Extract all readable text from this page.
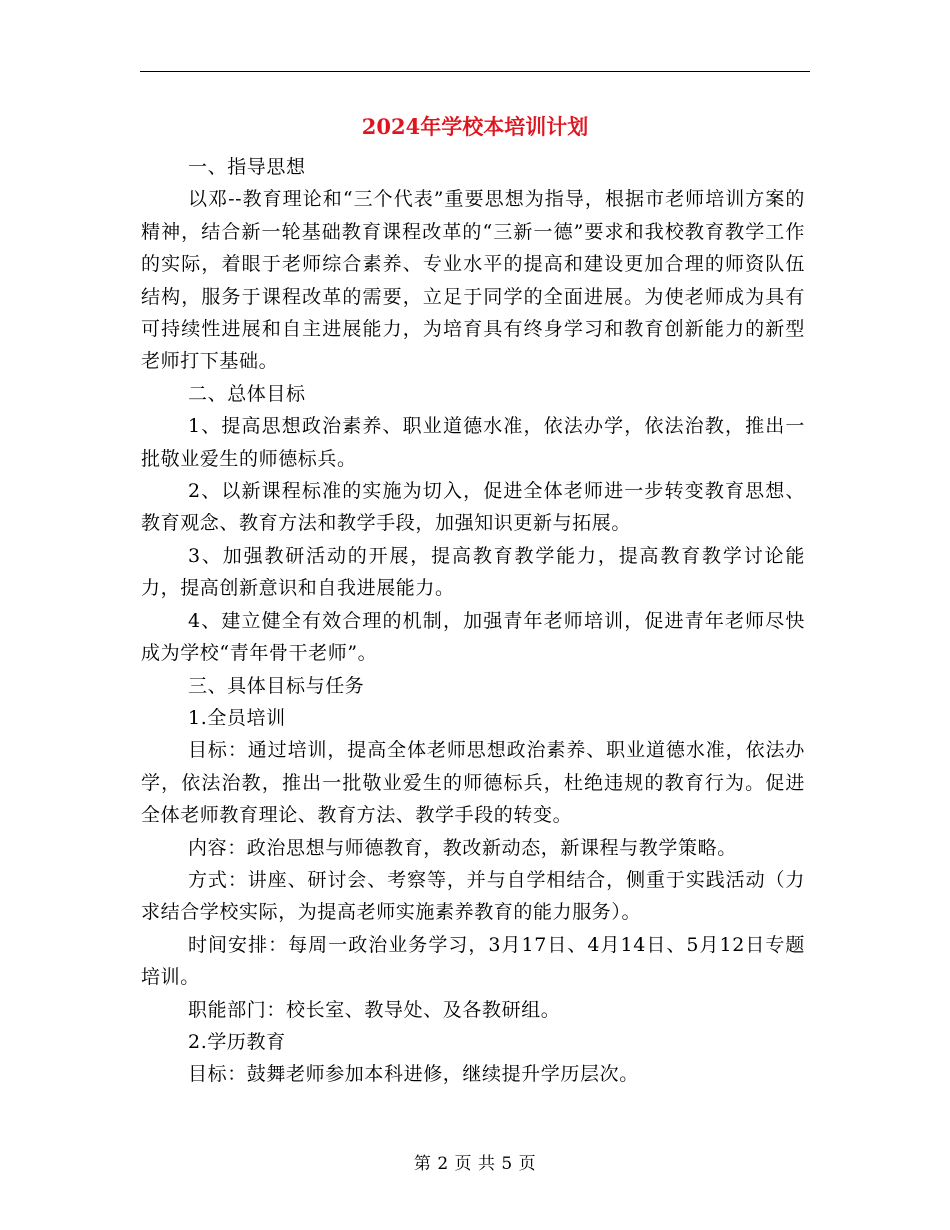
2024年学校本培训计划

一、指导思想

以邓--教育理论和“三个代表”重要思想为指导，根据市老师培训方案的精神，结合新一轮基础教育课程改革的“三新一德”要求和我校教育教学工作的实际，着眼于老师综合素养、专业水平的提高和建设更加合理的师资队伍结构，服务于课程改革的需要，立足于同学的全面进展。为使老师成为具有可持续性进展和自主进展能力，为培育具有终身学习和教育创新能力的新型老师打下基础。

二、总体目标

1、提高思想政治素养、职业道德水准，依法办学，依法治教，推出一批敬业爱生的师德标兵。

2、以新课程标准的实施为切入，促进全体老师进一步转变教育思想、教育观念、教育方法和教学手段，加强知识更新与拓展。

3、加强教研活动的开展，提高教育教学能力，提高教育教学讨论能力，提高创新意识和自我进展能力。

4、建立健全有效合理的机制，加强青年老师培训，促进青年老师尽快成为学校“青年骨干老师”。

三、具体目标与任务

1.全员培训

目标：通过培训，提高全体老师思想政治素养、职业道德水准，依法办学，依法治教，推出一批敬业爱生的师德标兵，杜绝违规的教育行为。促进全体老师教育理论、教育方法、教学手段的转变。

内容：政治思想与师德教育，教改新动态，新课程与教学策略。

方式：讲座、研讨会、考察等，并与自学相结合，侧重于实践活动（力求结合学校实际，为提高老师实施素养教育的能力服务）。

时间安排：每周一政治业务学习，3月17日、4月14日、5月12日专题培训。

职能部门：校长室、教导处、及各教研组。

2.学历教育

目标：鼓舞老师参加本科进修，继续提升学历层次。

第 2 页 共 5 页
